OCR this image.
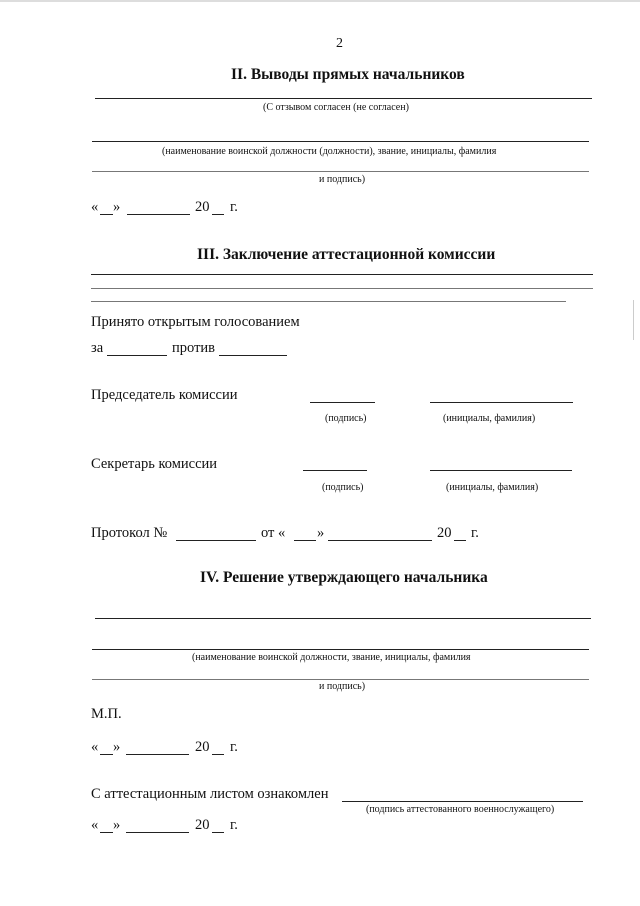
2
II. Выводы прямых начальников
(С отзывом согласен (не согласен)
(наименование воинской должности (должности), звание, инициалы, фамилия
и подпись)
« »	20 г.
III. Заключение аттестационной комиссии
Принято открытым голосованием
за	против
Председатель комиссии
(подпись)	(инициалы, фамилия)
Секретарь комиссии
(подпись)	(инициалы, фамилия)
Протокол №	от « »	20 г.
IV. Решение утверждающего начальника
(наименование воинской должности, звание, инициалы, фамилия
и подпись)
М.П.
« »	20 г.
С аттестационным листом ознакомлен
(подпись аттестованного военнослужащего)
« »	20 г.
